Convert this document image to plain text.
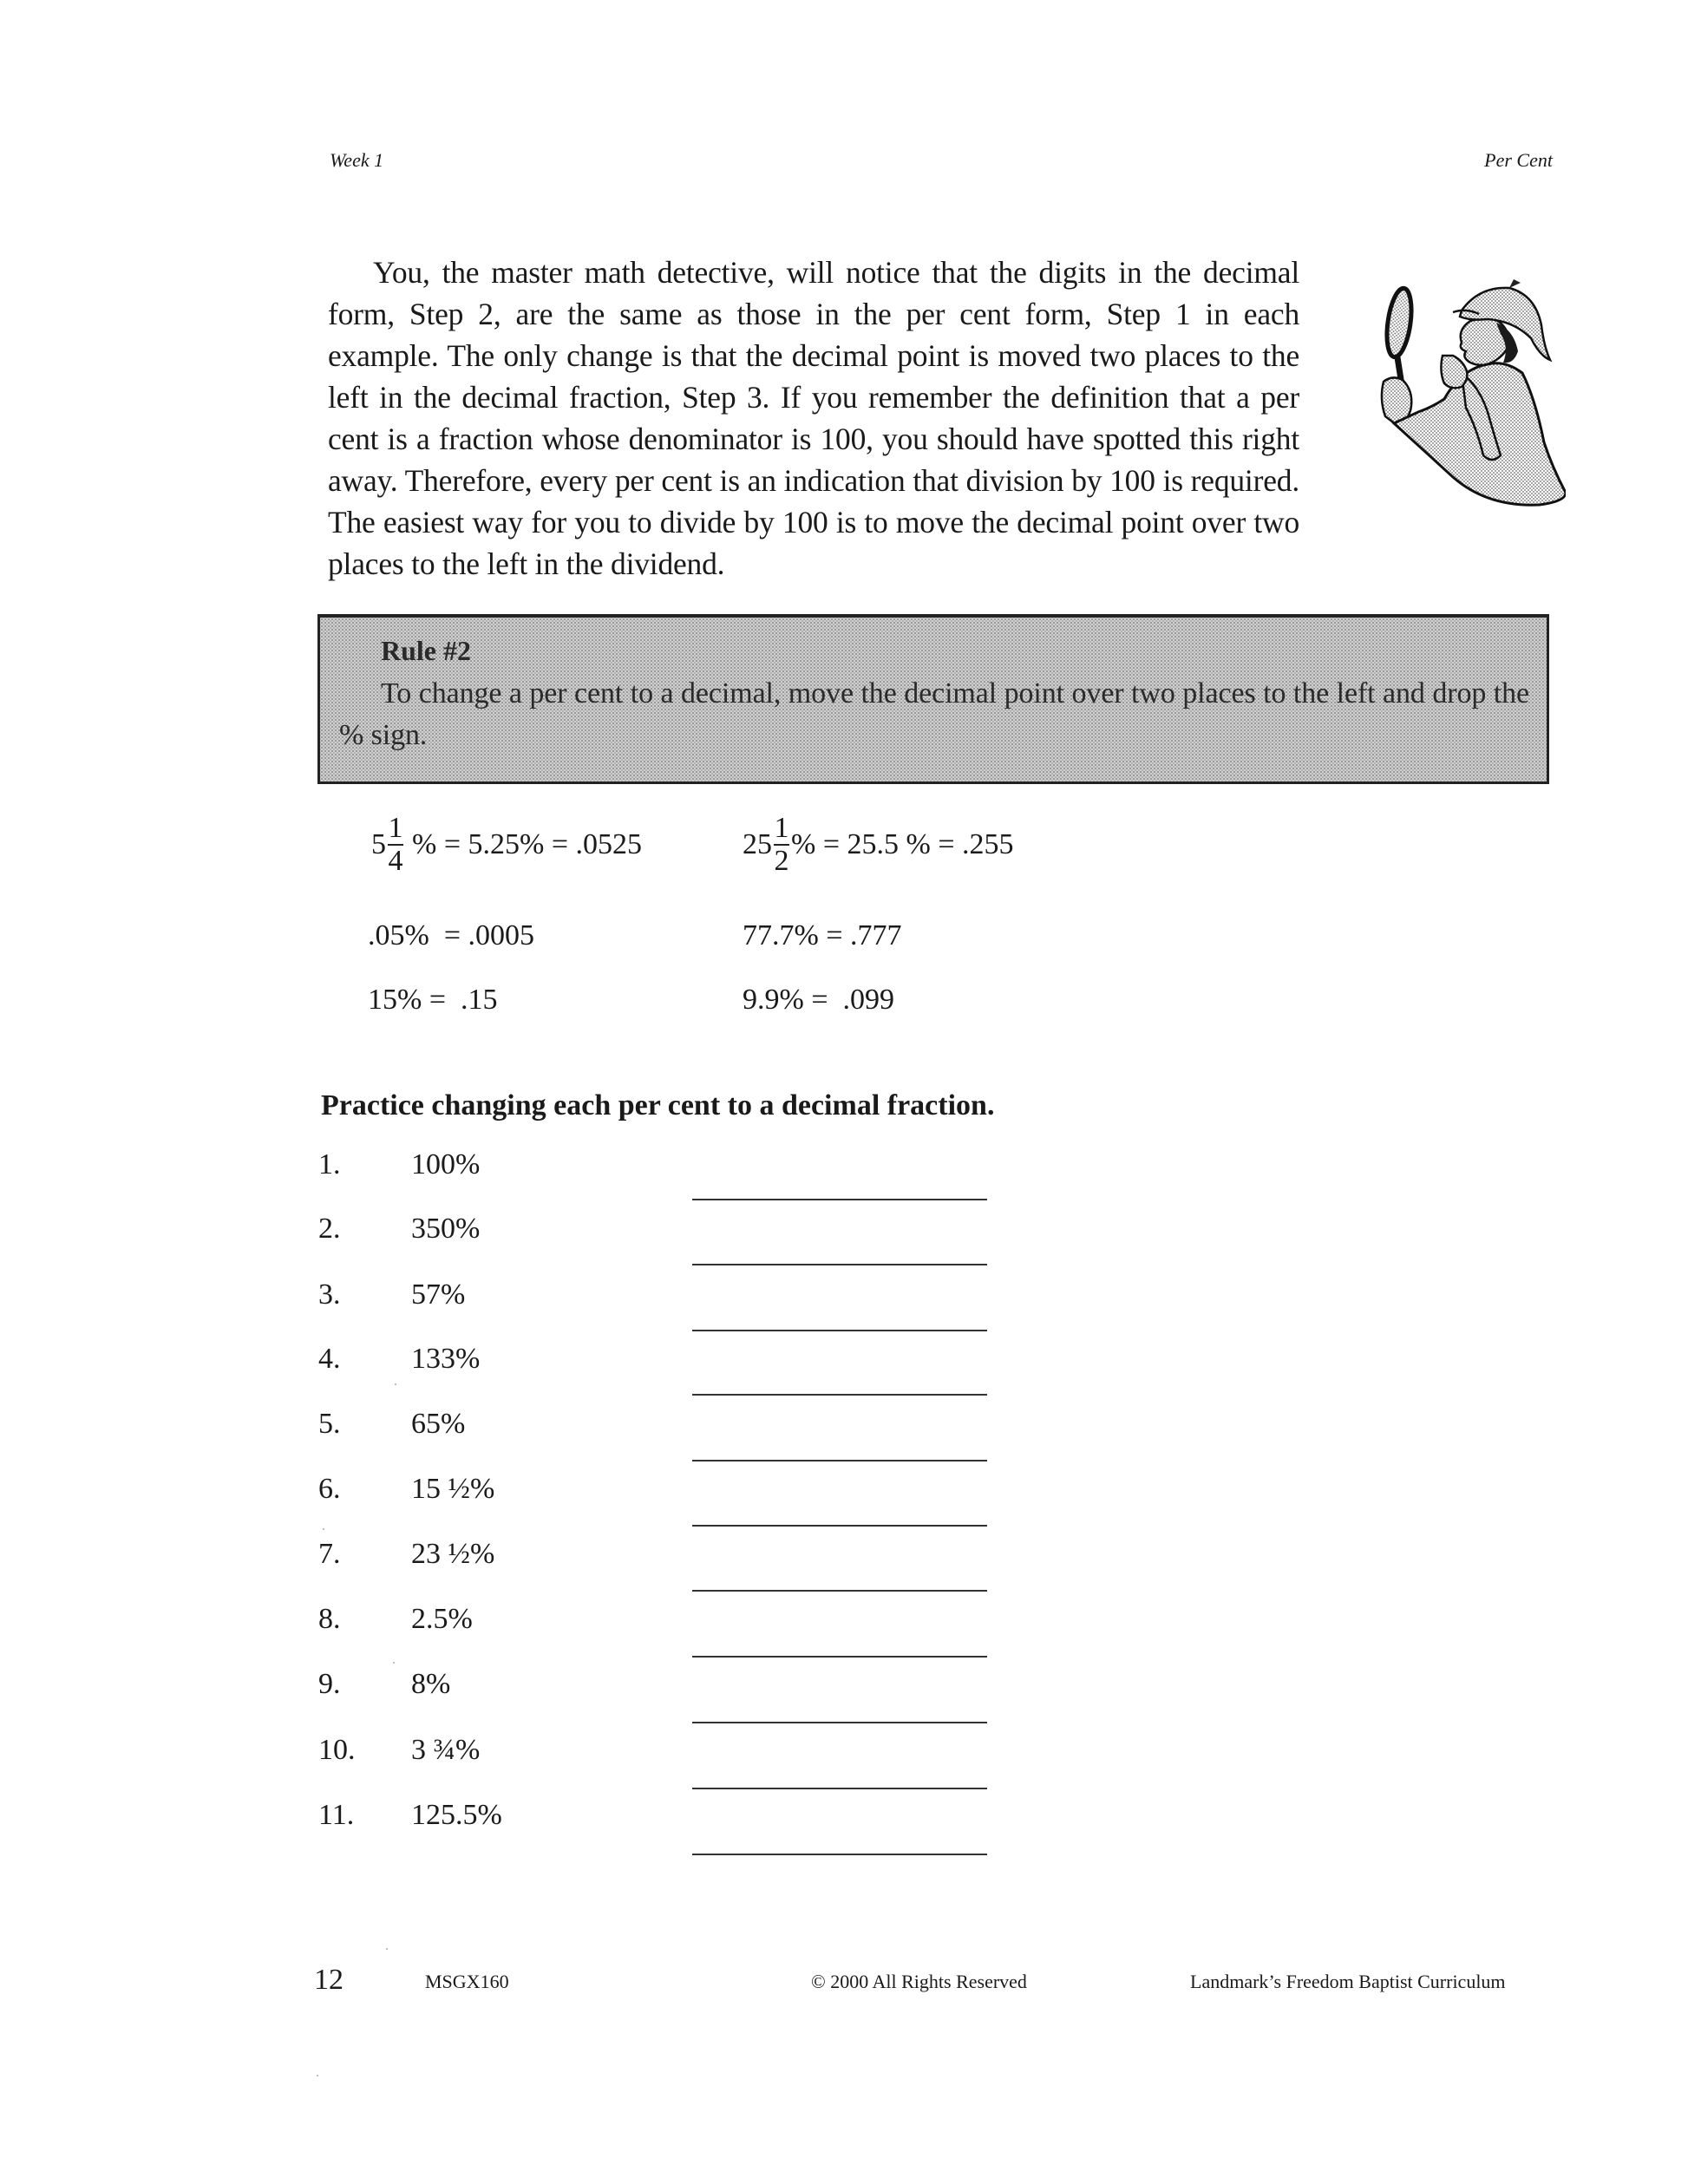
Week 1	Per Cent
You, the master math detective, will notice that the digits in the decimal form, Step 2, are the same as those in the per cent form, Step 1 in each example. The only change is that the decimal point is moved two places to the left in the decimal fraction, Step 3. If you remember the definition that a per cent is a fraction whose denominator is 100, you should have spotted this right away. Therefore, every per cent is an indication that division by 100 is required. The easiest way for you to divide by 100 is to move the decimal point over two places to the left in the dividend.
Rule #2
To change a per cent to a decimal, move the decimal point over two places to the left and drop the % sign.
$5 \frac{1}{4}$ % = 5.25% = .0525	$25 \frac{1}{2}$ % = 25.5 % = .255
.05%  = .0005	77.7% = .777
15% =  .15	9.9% =  .099
Practice changing each per cent to a decimal fraction.
1. 100%
2. 350%
3. 57%
4. 133%
5. 65%
6. 15 ½%
7. 23 ½%
8. 2.5%
9. 8%
10. 3 ¾%
11. 125.5%
12	MSGX160	© 2000 All Rights Reserved	Landmark’s Freedom Baptist Curriculum
